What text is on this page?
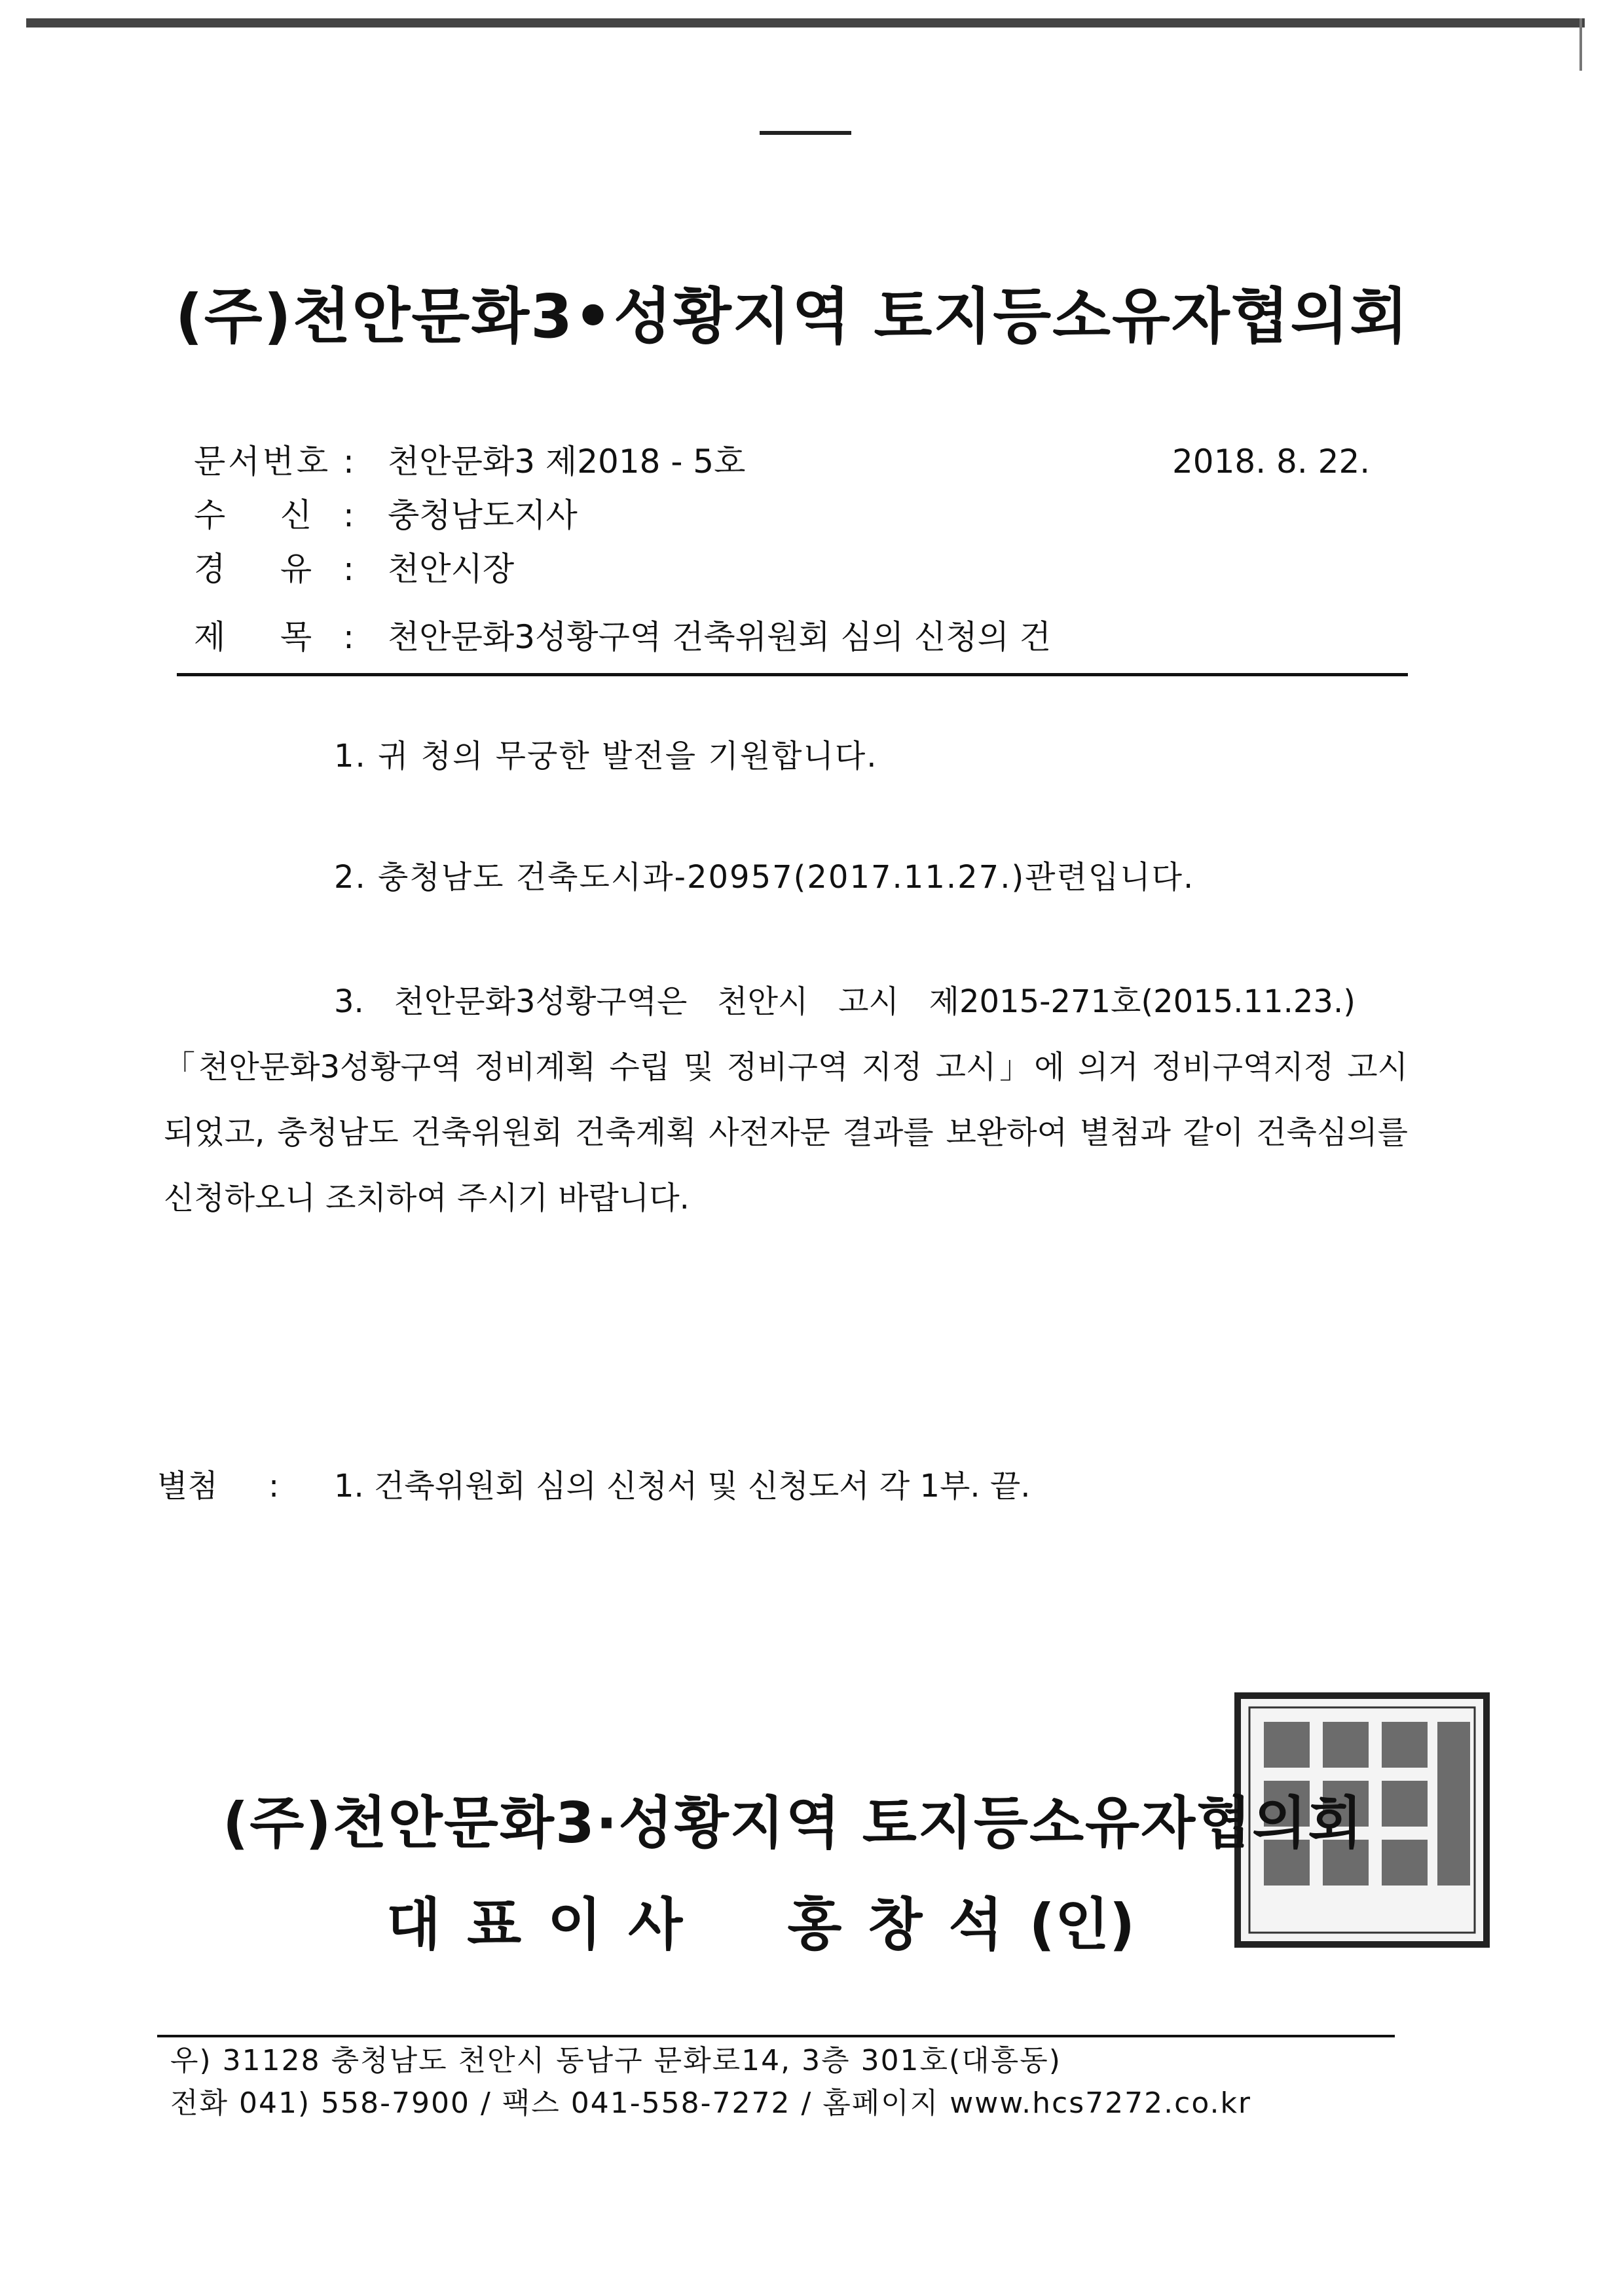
(주)천안문화3•성황지역 토지등소유자협의회
문서번호 : 천안문화3 제2018 - 5호	2018. 8. 22.
수    신 : 충청남도지사
경    유 : 천안시장
제    목 : 천안문화3성황구역 건축위원회 심의 신청의 건
1. 귀 청의 무궁한 발전을 기원합니다.
2. 충청남도 건축도시과-20957(2017.11.27.)관련입니다.
3.   천안문화3성황구역은   천안시   고시   제2015-271호(2015.11.23.)
「천안문화3성황구역 정비계획 수립 및 정비구역 지정 고시」에 의거 정비구역지정 고시 되었고, 충청남도 건축위원회 건축계획 사전자문 결과를 보완하여 별첨과 같이 건축심의를 신청하오니 조치하여 주시기 바랍니다.
별첨 : 1. 건축위원회 심의 신청서 및 신청도서 각 1부. 끝.
(주)천안문화3·성황지역 토지등소유자협의회
대표이사 홍창석(인)
우) 31128 충청남도 천안시 동남구 문화로14, 3층 301호(대흥동)
전화 041) 558-7900 / 팩스 041-558-7272 / 홈페이지 www.hcs7272.co.kr
